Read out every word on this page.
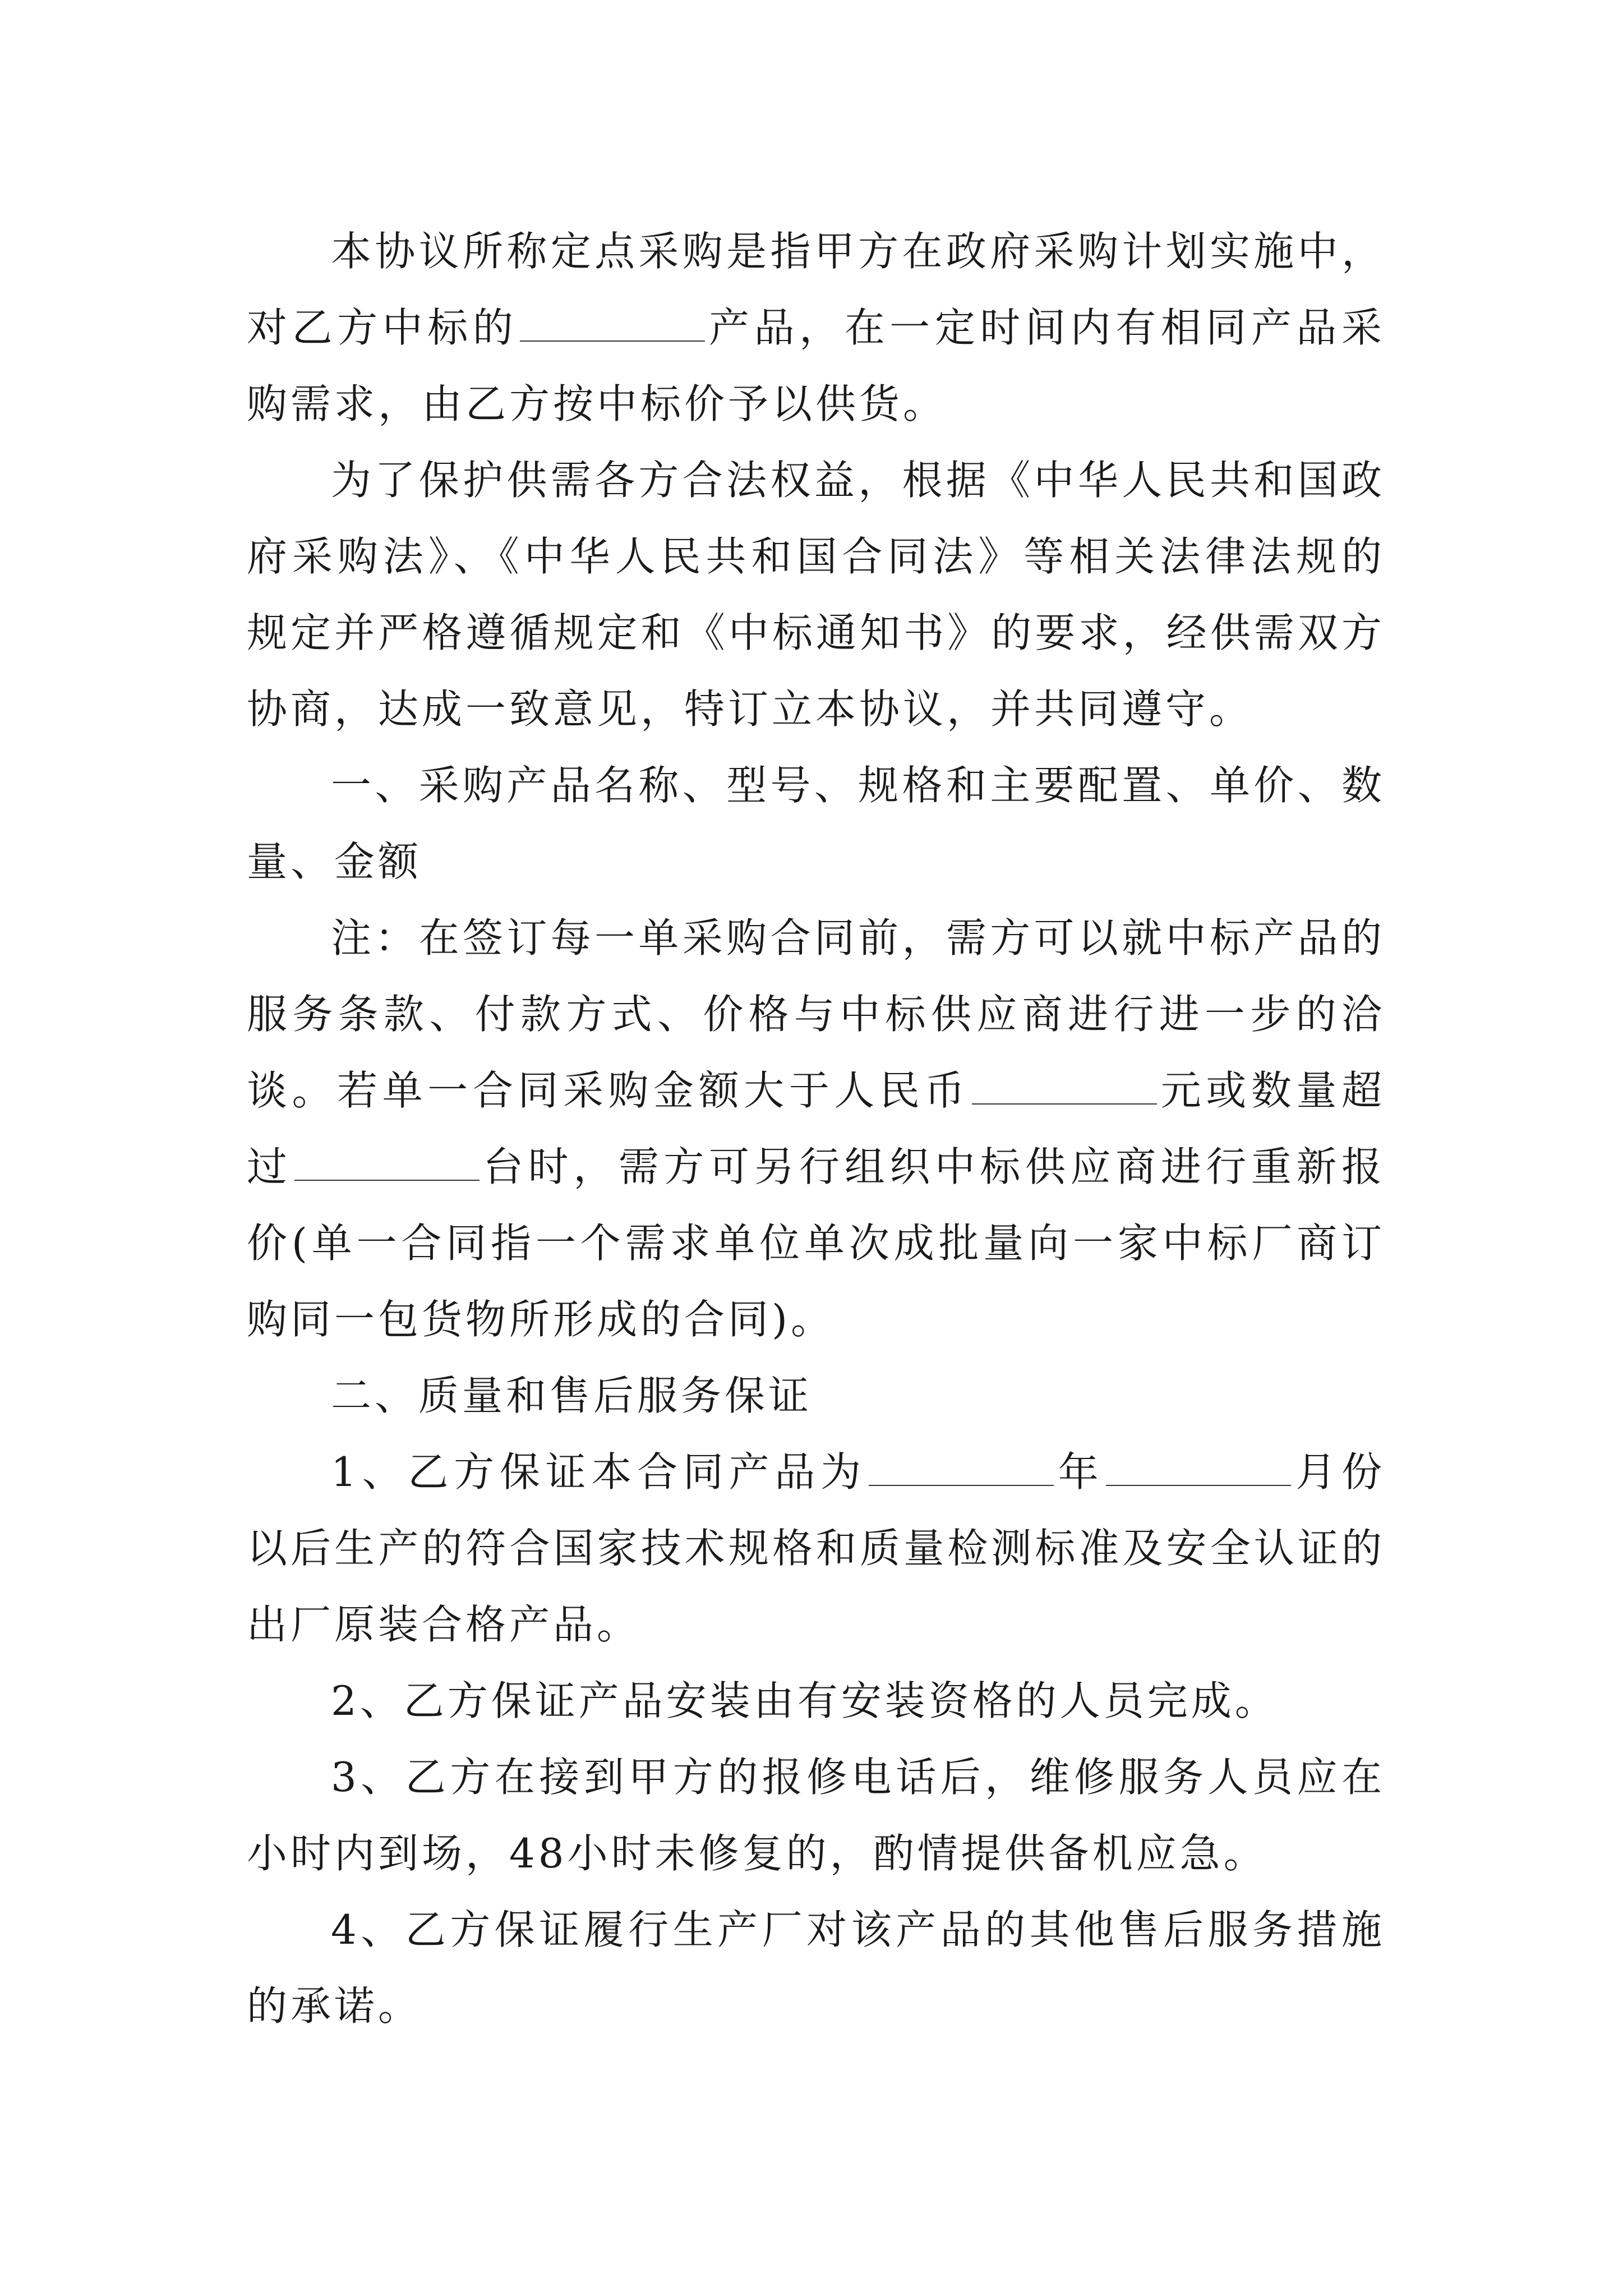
本协议所称定点采购是指甲方在政府采购计划实施中，对乙方中标的	产品，在一定时间内有相同产品采购需求，由乙方按中标价予以供货。

为了保护供需各方合法权益，根据《中华人民共和国政府采购法》、《中华人民共和国合同法》等相关法律法规的规定并严格遵循规定和《中标通知书》的要求，经供需双方协商，达成一致意见，特订立本协议，并共同遵守。

一、采购产品名称、型号、规格和主要配置、单价、数量、金额

注：在签订每一单采购合同前，需方可以就中标产品的服务条款、付款方式、价格与中标供应商进行进一步的洽谈。若单一合同采购金额大于人民币	元或数量超过	台时，需方可另行组织中标供应商进行重新报价(单一合同指一个需求单位单次成批量向一家中标厂商订购同一包货物所形成的合同)。

二、质量和售后服务保证

1、乙方保证本合同产品为	年	月份以后生产的符合国家技术规格和质量检测标准及安全认证的出厂原装合格产品。

2、乙方保证产品安装由有安装资格的人员完成。

3、乙方在接到甲方的报修电话后，维修服务人员应在小时内到场，48小时未修复的，酌情提供备机应急。

4、乙方保证履行生产厂对该产品的其他售后服务措施的承诺。
